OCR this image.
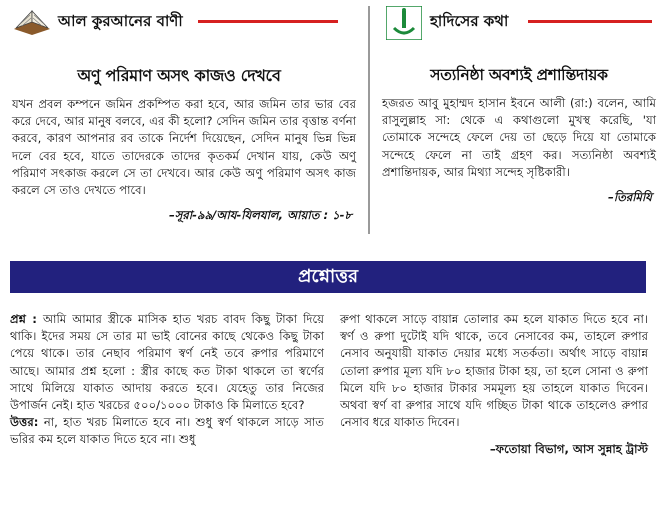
আল কুরআনের বাণী
অণু পরিমাণ অসৎ কাজও দেখবে

যখন প্রবল কম্পনে জমিন প্রকম্পিত করা হবে, আর জমিন তার ভার বের করে দেবে, আর মানুষ বলবে, এর কী হলো? সেদিন জমিন তার বৃত্তান্ত বর্ণনা করবে, কারণ আপনার রব তাকে নির্দেশ দিয়েছেন, সেদিন মানুষ ভিন্ন ভিন্ন দলে বের হবে, যাতে তাদেরকে তাদের কৃতকর্ম দেখান যায়, কেউ অণু পরিমাণ সৎকাজ করলে সে তা দেখবে। আর কেউ অণু পরিমাণ অসৎ কাজ করলে সে তাও দেখতে পাবে।

–সূরা-৯৯/আয-যিলযাল, আয়াত : ১-৮
হাদিসের কথা
সত্যনিষ্ঠা অবশ্যই প্রশান্তিদায়ক

হজরত আবু মুহাম্মদ হাসান ইবনে আলী (রা:) বলেন, আমি রাসুলুল্লাহ সা: থেকে এ কথাগুলো মুখস্থ করেছি, 'যা তোমাকে সন্দেহে ফেলে দেয় তা ছেড়ে দিয়ে যা তোমাকে সন্দেহে ফেলে না তাই গ্রহণ কর। সত্যনিষ্ঠা অবশ্যই প্রশান্তিদায়ক, আর মিথ্যা সন্দেহ সৃষ্টিকারী।

–তিরমিযি
প্রশ্নোত্তর

প্রশ্ন : আমি আমার স্ত্রীকে মাসিক হাত খরচ বাবদ কিছু টাকা দিয়ে থাকি। ইদের সময় সে তার মা ভাই বোনের কাছে থেকেও কিছু টাকা পেয়ে থাকে। তার নেছাব পরিমাণ স্বর্ণ নেই তবে রুপার পরিমাণে আছে। আমার প্রশ্ন হলো : স্ত্রীর কাছে কত টাকা থাকলে তা স্বর্ণের সাথে মিলিয়ে যাকাত আদায় করতে হবে। যেহেতু তার নিজের উপার্জন নেই। হাত খরচের ৫০০/১০০০ টাকাও কি মিলাতে হবে?

উত্তর: না, হাত খরচ মিলাতে হবে না। শুধু স্বর্ণ থাকলে সাড়ে সাত ভরির কম হলে যাকাত দিতে হবে না। শুধু

রুপা থাকলে সাড়ে বায়ান্ন তোলার কম হলে যাকাত দিতে হবে না। স্বর্ণ ও রুপা দুটোই যদি থাকে, তবে নেসাবের কম, তাহলে রুপার নেসাব অনুযায়ী যাকাত দেয়ার মধ্যে সতর্কতা। অর্থাৎ সাড়ে বায়ান্ন তোলা রুপার মূল্য যদি ৮০ হাজার টাকা হয়, তা হলে সোনা ও রুপা মিলে যদি ৮০ হাজার টাকার সমমূল্য হয় তাহলে যাকাত দিবেন। অথবা স্বর্ণ বা রুপার সাথে যদি গচ্ছিত টাকা থাকে তাহলেও রুপার নেসাব ধরে যাকাত দিবেন।

–ফতোয়া বিভাগ, আস সুন্নাহ ট্রাস্ট
